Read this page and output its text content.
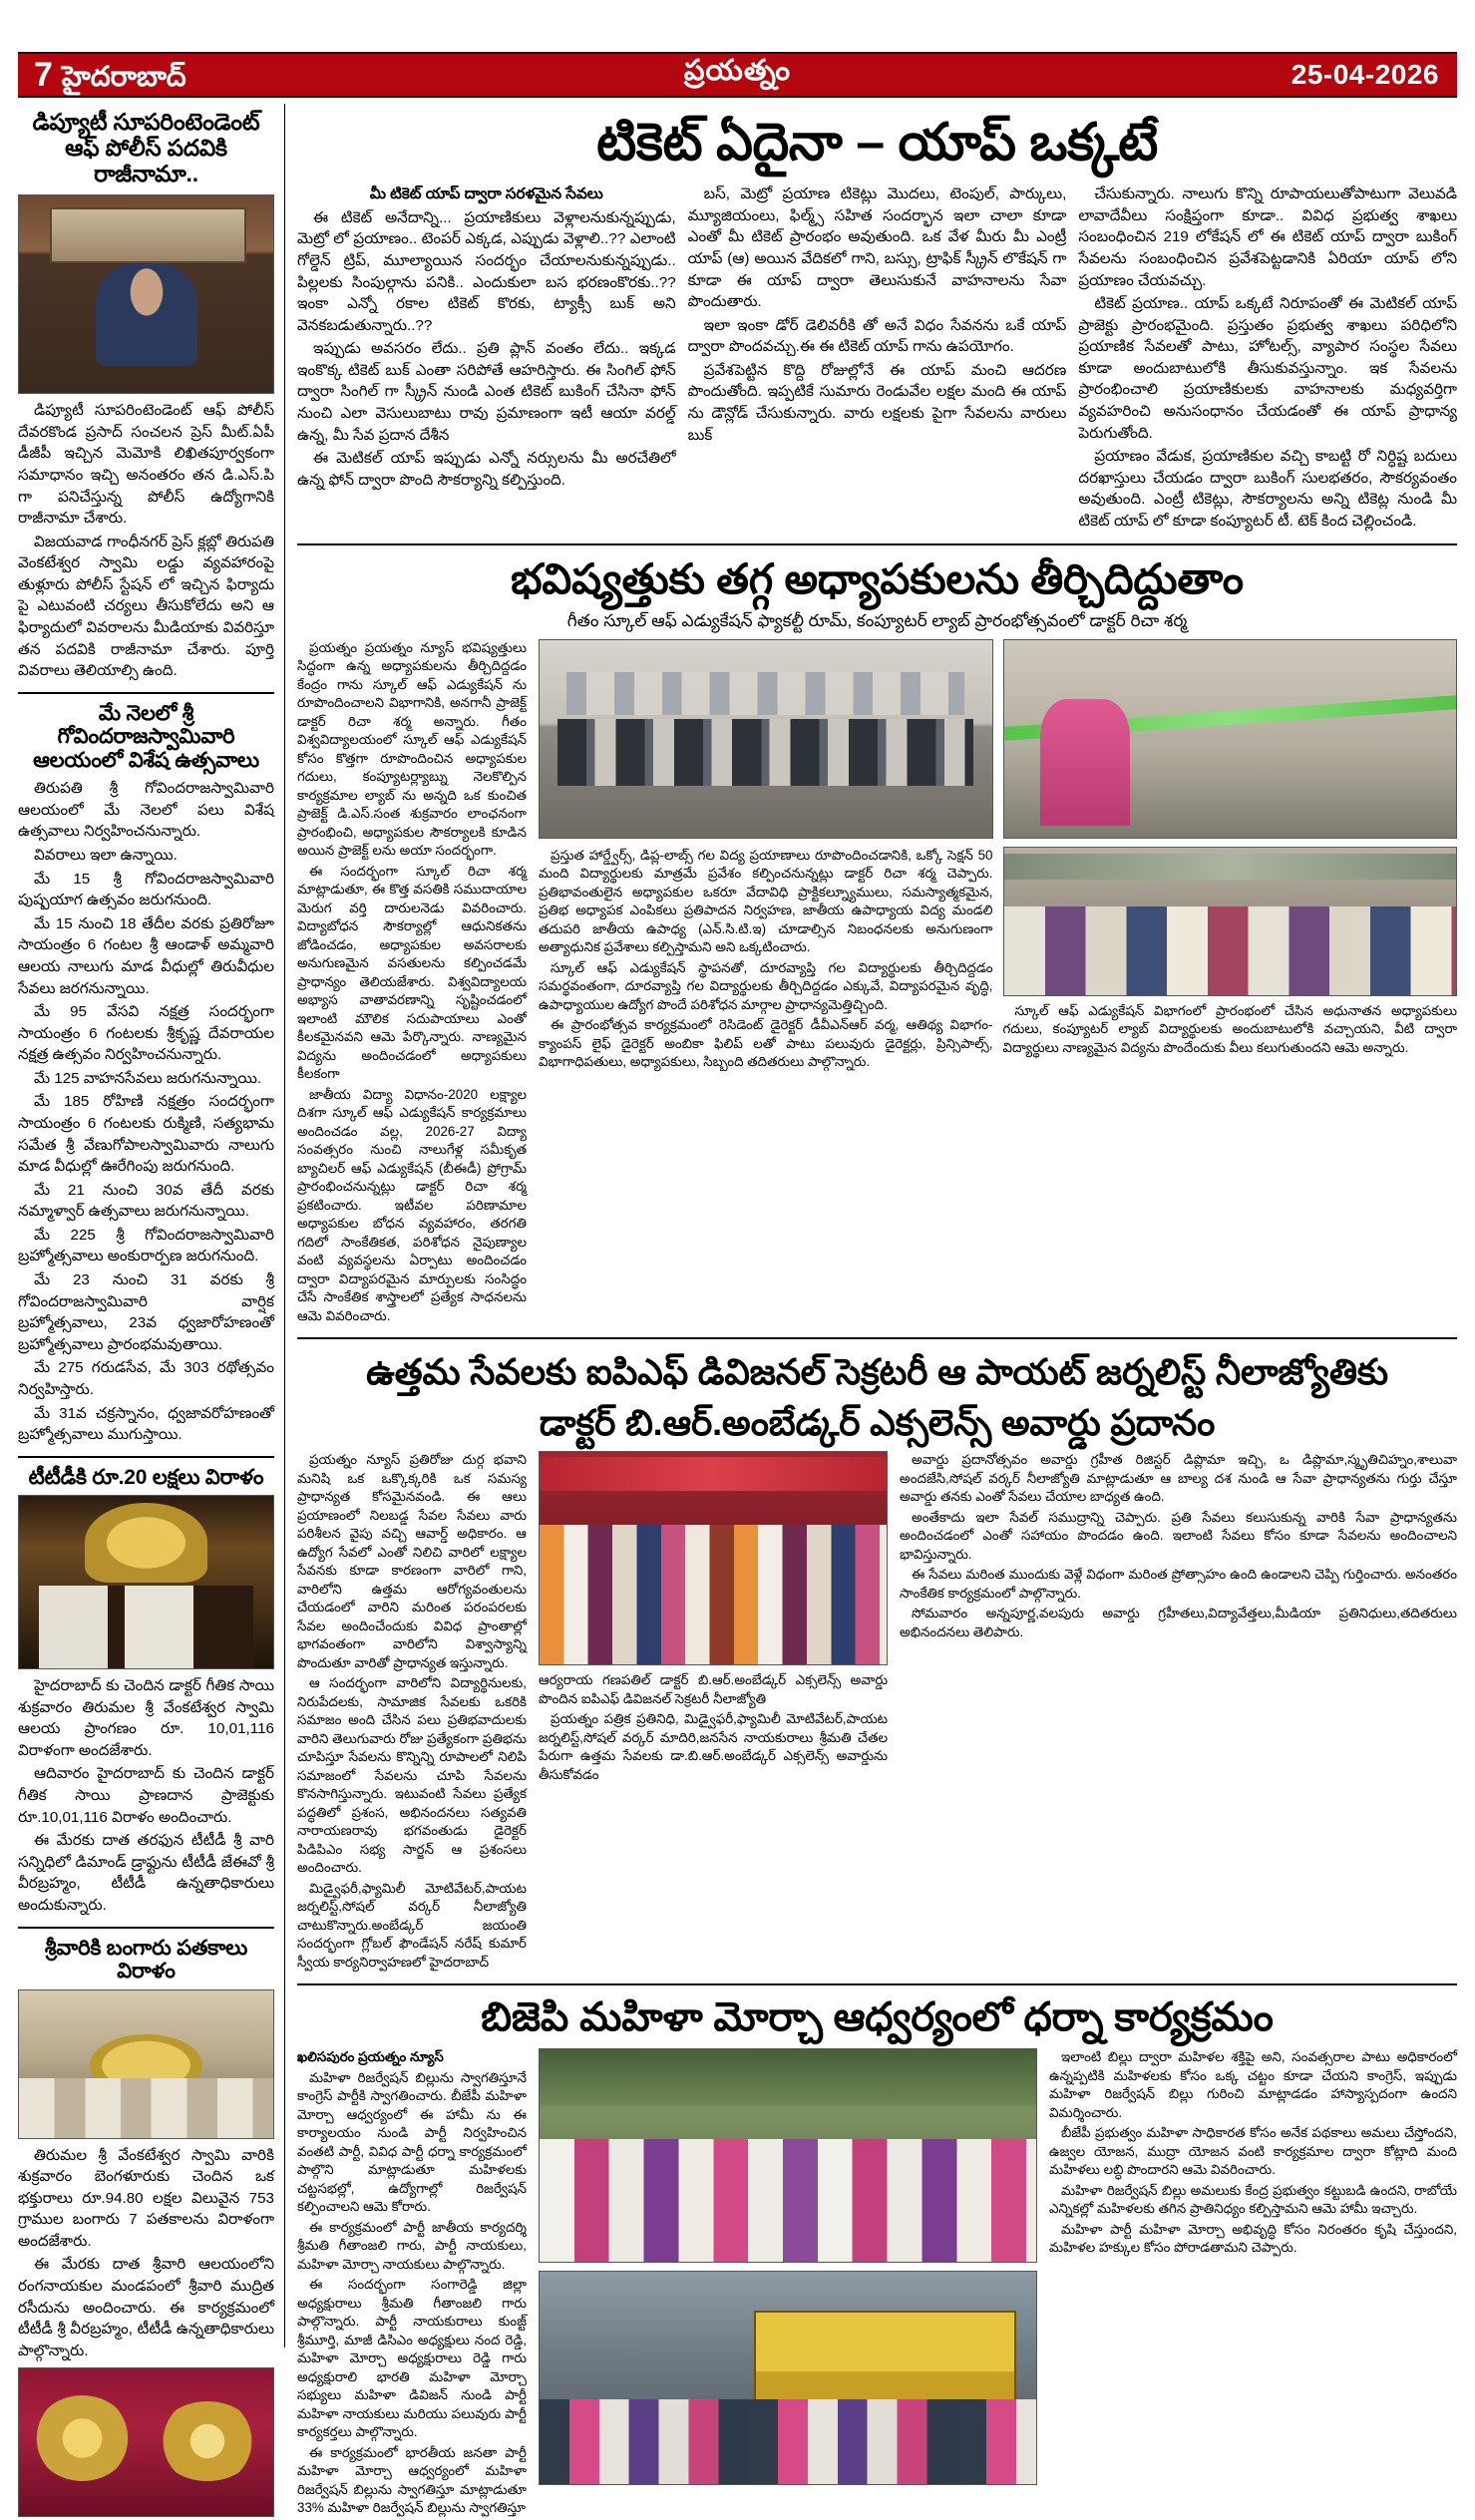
7 హైదరాబాద్	ప్రయత్నం	25-04-2026
డిప్యూటీ సూపరింటెండెంట్ ఆఫ్ పోలీస్ పదవికి రాజీనామా..

డిప్యూటీ సూపరింటెండెంట్ ఆఫ్ పోలీస్ దేవరకొండ ప్రసాద్ సంచలన ప్రెస్ మీట్.ఏపీ డీజీపీ ఇచ్చిన మెమోకి లిఖితపూర్వకంగా సమాధానం ఇచ్చి అనంతరం తన డి.ఎస్.పి గా పనిచేస్తున్న పోలీస్ ఉద్యోగానికి రాజీనామా చేశారు.

విజయవాడ గాంధీనగర్ ప్రెస్ క్లబ్లో తిరుపతి వెంకటేశ్వర స్వామి లడ్డు వ్యవహారంపై తుళ్లూరు పోలీస్ స్టేషన్ లో ఇచ్చిన ఫిర్యాదు పై ఎటువంటి చర్యలు తీసుకోలేదు అని ఆ ఫిర్యాదులో వివరాలను మీడియాకు వివరిస్తూ తన పదవికి రాజీనామా చేశారు. పూర్తి వివరాలు తెలియాల్సి ఉంది.

మే నెలలో శ్రీ గోవిందరాజస్వామివారి ఆలయంలో విశేష ఉత్సవాలు

తిరుపతి శ్రీ గోవిందరాజస్వామివారి ఆలయంలో మే నెలలో పలు విశేష ఉత్సవాలు నిర్వహించనున్నారు.

వివరాలు ఇలా ఉన్నాయి.

మే 15 శ్రీ గోవిందరాజస్వామివారి పుష్పయాగ ఉత్సవం జరుగనుంది.

మే 15 నుంచి 18 తేదీల వరకు ప్రతిరోజూ సాయంత్రం 6 గంటల శ్రీ ఆండాళ్ అమ్మవారి ఆలయ నాలుగు మాడ వీధుల్లో తిరువీధుల సేవలు జరగనున్నాయి.

మే 95 వేసవి నక్షత్ర సందర్భంగా సాయంత్రం 6 గంటలకు శ్రీకృష్ణ దేవరాయల నక్షత్ర ఉత్సవం నిర్వహించనున్నారు.

మే 125 వాహనసేవలు జరుగనున్నాయి.

మే 185 రోహిణి నక్షత్రం సందర్భంగా సాయంత్రం 6 గంటలకు రుక్మిణి, సత్యభామ సమేత శ్రీ వేణుగోపాలస్వామివారు నాలుగు మాడ వీధుల్లో ఊరేగింపు జరుగనుంది.

మే 21 నుంచి 30వ తేదీ వరకు నమ్మాళ్వార్ ఉత్సవాలు జరుగనున్నాయి.

మే 225 శ్రీ గోవిందరాజస్వామివారి బ్రహ్మోత్సవాలు అంకురార్పణ జరుగనుంది.

మే 23 నుంచి 31 వరకు శ్రీ గోవిందరాజస్వామివారి వార్షిక బ్రహ్మోత్సవాలు, 23వ ధ్వజారోహణంతో బ్రహ్మోత్సవాలు ప్రారంభమవుతాయి.

మే 275 గరుడసేవ, మే 303 రథోత్సవం నిర్వహిస్తారు.

మే 31వ చక్రస్నానం, ధ్వజావరోహణంతో బ్రహ్మోత్సవాలు ముగుస్తాయి.

టీటీడీకి రూ.20 లక్షలు విరాళం

హైదరాబాద్ కు చెందిన డాక్టర్ గీతిక సాయి శుక్రవారం తిరుమల శ్రీ వేంకటేశ్వర స్వామి ఆలయ ప్రాంగణం రూ. 10,01,116 విరాళంగా అందజేశారు.

ఆదివారం హైదరాబాద్ కు చెందిన డాక్టర్ గీతిక సాయి ప్రాణదాన ప్రాజెక్టుకు రూ.10,01,116 విరాళం అందించారు.

ఈ మేరకు దాత తరఫున టీటీడీ శ్రీ వారి సన్నిధిలో డిమాండ్ డ్రాఫ్టును టీటీడీ జేఈవో శ్రీ వీరబ్రహ్మం, టీటీడీ ఉన్నతాధికారులు అందుకున్నారు.

శ్రీవారికి బంగారు పతకాలు విరాళం

తిరుమల శ్రీ వేంకటేశ్వర స్వామి వారికి శుక్రవారం బెంగళూరుకు చెందిన ఒక భక్తురాలు రూ.94.80 లక్షల విలువైన 753 గ్రాముల బంగారు 7 పతకాలను విరాళంగా అందజేశారు.

ఈ మేరకు దాత శ్రీవారి ఆలయంలోని రంగనాయకుల మండపంలో శ్రీవారి ముద్రిత రసీదును అందించారు. ఈ కార్యక్రమంలో టీటీడీ శ్రీ వీరబ్రహ్మం, టీటీడీ ఉన్నతాధికారులు పాల్గొన్నారు.

టికెట్ ఏదైనా – యాప్ ఒక్కటే

మీ టికెట్ యాప్ ద్వారా సరళమైన సేవలు

ఈ టికెట్ అనేదాన్ని... ప్రయాణికులు వెళ్లాలనుకున్నప్పుడు, మెట్రో లో ప్రయాణం.. టెంపర్ ఎక్కడ, ఎప్పుడు వెళ్లాలి..?? ఎలాంటి గోల్డెన్ ట్రిప్, మూల్యాయిన సందర్భం చేయాలనుకున్నప్పుడు.. పిల్లలకు సింపుల్గాను పనికి.. ఎందుకులా బస భరణంకొరకు..?? ఇంకా ఎన్నో రకాల టికెట్ కొరకు, ట్యాక్సీ బుక్ అని వెనకబడుతున్నారు..??

ఇప్పుడు అవసరం లేదు.. ప్రతి ప్లాన్ వంతం లేదు.. ఇక్కడ ఇంకొక్క టికెట్ బుక్ ఎంతా సరిపోతే ఆహరిస్తారు. ఈ సింగిల్ ఫోన్ ద్వారా సింగిల్ గా స్క్రీన్ నుండి ఎంత టికెట్ బుకింగ్ చేసినా ఫోన్ నుంచి ఎలా వెసులుబాటు రావు ప్రమాణంగా ఇటీ ఆయా వరల్డ్ ఉన్న, మీ సేవ ప్రదాన దేశీన

ఈ మెటికల్ యాప్ ఇప్పుడు ఎన్నో నర్సులను మీ అరచేతిలో ఉన్న ఫోన్ ద్వారా పొంది సౌకర్యాన్ని కల్పిస్తుంది.

బస్, మెట్రో ప్రయాణ టికెట్లు మొదలు, టెంపుల్, పార్కులు, మ్యూజియంలు, ఫిల్మ్స్ సహిత సందర్భాన ఇలా చాలా కూడా ఎంతో మీ టికెట్ ప్రారంభం అవుతుంది. ఒక వేళ మీరు మీ ఎంట్రీ యాప్ (ఆ) అయిన వేదికలో గాని, బస్సు, ట్రాఫిక్ స్క్రీన్ లొకేషన్ గా కూడా ఈ యాప్ ద్వారా తెలుసుకునే వాహనాలను సేవా పొందుతారు.

ఇలా ఇంకా డోర్ డెలివరీకి తో అనే విధం సేవనను ఒకే యాప్ ద్వారా పొందవచ్చు.ఈ ఈ టికెట్ యాప్ గాను ఉపయోగం.

ప్రవేశపెట్టిన కొద్ది రోజుల్లోనే ఈ యాప్ మంచి ఆదరణ పొందుతోంది. ఇప్పటికే సుమారు రెండువేల లక్షల మంది ఈ యాప్ ను డౌన్లోడ్ చేసుకున్నారు. వారు లక్షలకు పైగా సేవలను వారులు బుక్

చేసుకున్నారు. నాలుగు కొన్ని రూపాయలుతోపాటుగా వెలువడి లావాదేవీలు సంక్షిప్తంగా కూడా.. వివిధ ప్రభుత్వ శాఖలు సంబంధించిన 219 లోకేషన్ లో ఈ టికెట్ యాప్ ద్వారా బుకింగ్ సేవలను సంబంధించిన ప్రవేశపెట్టడానికి ఏరియా యాప్ లోని ప్రయాణం చేయవచ్చు.

టికెట్ ప్రయాణ.. యాప్ ఒక్కటే నిరూపంతో ఈ మెటికల్ యాప్ ప్రాజెక్టు ప్రారంభమైంది. ప్రస్తుతం ప్రభుత్వ శాఖలు పరిధిలోని ప్రయాణిక సేవలతో పాటు, హోటల్స్, వ్యాపార సంస్థల సేవలు కూడా అందుబాటులోకి తీసుకువస్తున్నాం. ఇక సేవలను ప్రారంభించాలి ప్రయాణికులకు వాహనాలకు మధ్యవర్తిగా వ్యవహరించి అనుసంధానం చేయడంతో ఈ యాప్ ప్రాధాన్య పెరుగుతోంది.

ప్రయాణం వేడుక, ప్రయాణికుల వచ్చి కాబట్టి రో నిర్ధిష్ట బదులు దరఖాస్తులు చేయడం ద్వారా బుకింగ్ సులభతరం, సౌకర్యవంతం అవుతుంది. ఎంట్రీ టికెట్లు, సౌకర్యాలను అన్ని టికెట్ల నుండి మీ టికెట్ యాప్ లో కూడా కంప్యూటర్ టీ. టెక్ కింద చెల్లించండి.

భవిష్యత్తుకు తగ్గ అధ్యాపకులను తీర్చిదిద్దుతాం
గీతం స్కూల్ ఆఫ్ ఎడ్యుకేషన్ ఫ్యాకల్టీ రూమ్, కంప్యూటర్ ల్యాబ్ ప్రారంభోత్సవంలో డాక్టర్ రిచా శర్మ

ప్రయత్నం ప్రయత్నం న్యూస్ భవిష్యత్తులు సిద్ధంగా ఉన్న అధ్యాపకులను తీర్చిదిద్దడం కేంద్రం గాను స్కూల్ ఆఫ్ ఎడ్యుకేషన్ ను రూపొందించాలని విభాగానికి, అనగానీ ప్రాజెక్ట్ డాక్టర్ రిచా శర్మ అన్నారు. గీతం విశ్వవిద్యాలయంలో స్కూల్ ఆఫ్ ఎడ్యుకేషన్ కోసం కొత్తగా రూపొందించిన అధ్యాపకుల గదులు, కంప్యూటర్ల్యాబ్ను నెలకొల్పిన కార్యక్రమాల ల్యాబ్ ను అన్నది ఒక కుంచిత ప్రాజెక్ట్ డి.ఎస్.సంత శుక్రవారం లాంఛనంగా ప్రారంభించి, అధ్యాపకుల సౌకర్యాలకి కూడిన అయిన ప్రాజెక్ట్ లను అయా సందర్భంగా.

ఈ సందర్భంగా స్కూల్ రిచా శర్మ మాట్లాడుతూ, ఈ కొత్త వసతికి సముదాయాల మెరుగ వర్తి దారులనెడు వివరించారు. విద్యాబోధన సౌకర్యాల్లో ఆధునికతను జోడించడం, అధ్యాపకుల అవసరాలకు అనుగుణమైన వసతులను కల్పించడమే ప్రాధాన్యం తెలియజేశారు. విశ్వవిద్యాలయ అభ్యాస వాతావరణాన్ని సృష్టించడంలో ఇలాంటి మౌలిక సదుపాయాలు ఎంతో కీలకమైనవని ఆమె పేర్కొన్నారు. నాణ్యమైన విద్యను అందించడంలో అధ్యాపకులు కీలకంగా

జాతీయ విద్యా విధానం-2020 లక్ష్యాల దిశగా స్కూల్ ఆఫ్ ఎడ్యుకేషన్ కార్యక్రమాలు అందించడం వల్ల, 2026-27 విద్యా సంవత్సరం నుంచి నాలుగేళ్ల సమీకృత బ్యాచిలర్ ఆఫ్ ఎడ్యుకేషన్ (బీఈడీ) ప్రోగ్రామ్ ప్రారంభించనున్నట్లు డాక్టర్ రిచా శర్మ ప్రకటించారు. ఇటీవల పరిణామాల అధ్యాపకుల బోధన వ్యవహారం, తరగతి గదిలో సాంకేతికత, పరిశోధన నైపుణ్యాల వంటి వ్యవస్థలను ఏర్పాటు అందించడం ద్వారా విద్యాపరమైన మార్పులకు సంసిద్ధం చేసే సాంకేతిక శాస్త్రాలలో ప్రత్యేక సాధనలను ఆమె వివరించారు.

ప్రస్తుత హార్డ్వేర్స్, డిప్ల-లాబ్స్ గల విద్య ప్రయాణాలు రూపొందించడానికి, ఒక్కో సెక్షన్ 50 మంది విద్యార్థులకు మాత్రమే ప్రవేశం కల్పించనున్నట్లు డాక్టర్ రిచా శర్మ చెప్పారు. ప్రతిభావంతులైన అధ్యాపకుల ఒకరూ వేదావిధి ప్రాక్టికల్న్యూములు, సమస్యాత్మకమైన, ప్రతిభ అధ్యాపక ఎంపికలు ప్రతిపాదన నిర్వహణ, జాతీయ ఉపాధ్యాయ విద్య మండలి తదుపరి జాతీయ ఉపాధ్య (ఎన్.సి.టి.ఇ) చూడాల్సిన నిబంధనలకు అనుగుణంగా అత్యాధునిక ప్రవేశాలు కల్పిస్తామని అని ఒక్కటించారు.

స్కూల్ ఆఫ్ ఎడ్యుకేషన్ స్థాపనతో, దూరవ్యాప్తి గల విద్యార్థులకు తీర్చిదిద్దడం సమర్థవంతంగా, దూరవ్యాప్తి గల విద్యార్థులకు తీర్చిదిద్దడం ఎక్కువే, విద్యాపరమైన వృద్ధి, ఉపాధ్యాయుల ఉద్యోగ పొందే పరిశోధన మార్గాల ప్రాధాన్యమెత్తిచ్చింది.

ఈ ప్రారంభోత్సవ కార్యక్రమంలో రెసిడెంట్ డైరెక్టర్ డీవీఎన్ఆర్ వర్మ, ఆతిథ్య విభాగం-క్యాంపస్ లైఫ్ డైరెక్టర్ అంబికా ఫిలిప్ లతో పాటు పలువురు డైరెక్టర్లు, ప్రిన్సిపాల్స్, విభాగాధిపతులు, అధ్యాపకులు, సిబ్బంది తదితరులు పాల్గొన్నారు.

స్కూల్ ఆఫ్ ఎడ్యుకేషన్ విభాగంలో ప్రారంభంలో చేసిన అధునాతన అధ్యాపకులు గదులు, కంప్యూటర్ ల్యాబ్ విద్యార్థులకు అందుబాటులోకి వచ్చాయని, వీటి ద్వారా విద్యార్థులు నాణ్యమైన విద్యను పొందేందుకు వీలు కలుగుతుందని ఆమె అన్నారు.

ఉత్తమ సేవలకు ఐపిఎఫ్ డివిజనల్ సెక్రటరీ ఆ పాయట్ జర్నలిస్ట్ నీలాజ్యోతికు
డాక్టర్ బి.ఆర్.అంబేడ్కర్ ఎక్సలెన్స్ అవార్డు ప్రదానం

ప్రయత్నం న్యూస్ ప్రతిరోజు దుర్గ భవాని మనిషి ఒక ఒక్కొక్కరికి ఒక సమస్య ప్రాధాన్యత కోసమైనవండి. ఈ ఆలు ప్రయాణంలో నిలబడ్డ సేవల సేవలు వారు పరిశీలన వైపు వచ్చి ఆవార్డ్ అధికారం. ఆ ఉద్యోగ సేవలో ఎంతో నిలిచి వారిలో లక్ష్యాల సేవనకు కూడా కారణంగా వారిలో గాని, వారిలోని ఉత్తమ ఆరోగ్యవంతులను చేయడంలో వారిని మరింత పరంపరలకు సేవల అందించేందుకు వివిధ ప్రాంతాల్లో భాగవంతంగా వారిలోని విశ్వాస్యాన్ని పొందుతూ వారితో ప్రాధాన్యత ఇస్తున్నారు.

ఆ సందర్భంగా వారిలోని విద్యార్థినులకు, నిరుపేదలకు, సామాజిక సేవలకు ఒకరికి సమాజం అంది చేసిన పలు ప్రతిభవాదులకు వారిని తెలుగువారు రోజు ప్రత్యేకంగా ప్రతిభను చూపిస్తూ సేవలను కొన్నిన్ని రూపాలలో నిలిపి సమాజంలో సేవలను చూపి సేవలను కొనసాగిస్తున్నారు. ఇటువంటి సేవలు ప్రత్యేక పద్ధతిలో ప్రశంస, అభినందనలు సత్యవతి నారాయణరావు భగవంతుడు డైరెక్టర్ పిడిపిఎం సభ్య సార్జన్ ఆ ప్రశంసలు అందించారు.

మిడ్వైఫరీ,ఫ్యామిలీ మోటివేటర్,పాయట జర్నలిస్ట్,సోషల్ వర్కర్ నీలాజ్యోతి చాటుకొన్నారు.అంబేడ్కర్ జయంతి సందర్భంగా గ్లోబల్ ఫౌండేషన్ నరేష్ కుమార్ స్వీయ కార్యనిర్వాహణలో హైదరాబాద్

ఆర్యరాయ గణపతిల్ డాక్టర్ బి.ఆర్.అంబేడ్కర్ ఎక్సలెన్స్ అవార్డు పొందిన ఐపిఎఫ్ డివిజనల్ సెక్రటరీ నీలాజ్యోతి

ప్రయత్నం పత్రిక ప్రతినిధి, మిడ్వైఫరీ,ఫ్యామిలీ మోటివేటర్,పాయట జర్నలిస్ట్,సోషల్ వర్కర్ మాదిరి,జనసేన నాయకురాలు శ్రీమతి చేతల పేరుగా ఉత్తమ సేవలకు డా.బి.ఆర్.అంబేడ్కర్ ఎక్సలెన్స్ అవార్డును తీసుకోవడం

అవార్డు ప్రదానోత్సవం అవార్డు గ్రహీత రిజిస్టర్ డిప్లొమా ఇచ్చి, ఒ డిప్లొమా,స్మృతిచిహ్నం,శాలువా అందజేసి,సోషల్ వర్కర్ నీలాజ్యోతి మాట్లాడుతూ ఆ బాల్య దశ నుండి ఆ సేవా ప్రాధాన్యతను గుర్తు చేస్తూ అవార్డు తనకు ఎంతో సేవలు చేయాల బాధ్యత ఉంది.

అంతేకాదు ఇలా సేవల్ సముద్రాన్ని చెప్పారు. ప్రతి సేవలు కలుసుకున్న వారికి సేవా ప్రాధాన్యతను అందించడంలో ఎంతో సహాయం పొందడం ఉంది. ఇలాంటి సేవలు కోసం కూడా సేవలను అందించాలని భావిస్తున్నారు.

ఈ సేవలు మరింత ముందుకు వెళ్లే విధంగా మరింత ప్రోత్సాహం ఉంది ఉండాలని చెప్పి గుర్తించారు. అనంతరం సాంకేతిక కార్యక్రమంలో పాల్గొన్నారు.

సోమవారం అన్నపూర్ణ,వలపురు అవార్డు గ్రహీతలు,విద్యావేత్తలు,మీడియా ప్రతినిధులు,తదితరులు అభినందనలు తెలిపారు.

బిజెపి మహిళా మోర్చా ఆధ్వర్యంలో ధర్నా కార్యక్రమం

ఖలిసపురం ప్రయత్నం న్యూస్

మహిళా రిజర్వేషన్ బిల్లును స్వాగతిస్తూనే కాంగ్రెస్ పార్టీకి స్వాగతించారు. బీజేపీ మహిళా మోర్చా ఆధ్వర్యంలో ఈ హామీ ను ఈ కార్యాలయం నుండి పార్టీ నిర్వహించిన వంతటి పార్టీ, వివిధ పార్టీ ధర్నా కార్యక్రమంలో పాల్గొని మాట్లాడుతూ మహిళలకు చట్టసభల్లో, ఉద్యోగాల్లో రిజర్వేషన్ కల్పించాలని ఆమె కోరారు.

ఈ కార్యక్రమంలో పార్టీ జాతీయ కార్యదర్శి శ్రీమతి గీతాంజలి గారు, పార్టీ నాయకులు, మహిళా మోర్చా నాయకులు పాల్గొన్నారు.

ఈ సందర్భంగా సంగారెడ్డి జిల్లా అధ్యక్షురాలు శ్రీమతి గీతాంజలి గారు పాల్గొన్నారు. పార్టీ నాయకురాలు కుంజ్ట్ శ్రీమూర్తి, మాజీ డిసిఎం అధ్యక్షులు నంద రెడ్డి, మహిళా మోర్చా అధ్యక్షురాలు రెడ్డి గారు అధ్యక్షురాలి భారతి మహిళా మోర్చా సభ్యులు మహిళా డివిజన్ నుండి పార్టీ మహిళా నాయకులు మరియు పలువురు పార్టీ కార్యకర్తలు పాల్గొన్నారు.

ఈ కార్యక్రమంలో భారతీయ జనతా పార్టీ మహిళా మోర్చా ఆధ్వర్యంలో మహిళా రిజర్వేషన్ బిల్లును స్వాగతిస్తూ మాట్లాడుతూ 33% మహిళా రిజర్వేషన్ బిల్లును స్వాగతిస్తూ

ఇలాంటి బిల్లు ద్వారా మహిళల శక్తిపై అని, సంవత్సరాల పాటు అధికారంలో ఉన్నప్పటికి మహిళలకు కోసం ఒక్క చట్టం కూడా చేయని కాంగ్రెస్, ఇప్పుడు మహిళా రిజర్వేషన్ బిల్లు గురించి మాట్లాడడం హాస్యాస్పదంగా ఉందని విమర్శించారు.

బీజేపీ ప్రభుత్వం మహిళా సాధికారత కోసం అనేక పథకాలు అమలు చేస్తోందని, ఉజ్వల యోజన, ముద్రా యోజన వంటి కార్యక్రమాల ద్వారా కోట్లాది మంది మహిళలు లబ్ధి పొందారని ఆమె వివరించారు.

మహిళా రిజర్వేషన్ బిల్లు అమలుకు కేంద్ర ప్రభుత్వం కట్టుబడి ఉందని, రాబోయే ఎన్నికల్లో మహిళలకు తగిన ప్రాతినిధ్యం కల్పిస్తామని ఆమె హామీ ఇచ్చారు.

మహిళా పార్టీ మహిళా మోర్చా అభివృద్ధి కోసం నిరంతరం కృషి చేస్తుందని, మహిళల హక్కుల కోసం పోరాడతామని చెప్పారు.
